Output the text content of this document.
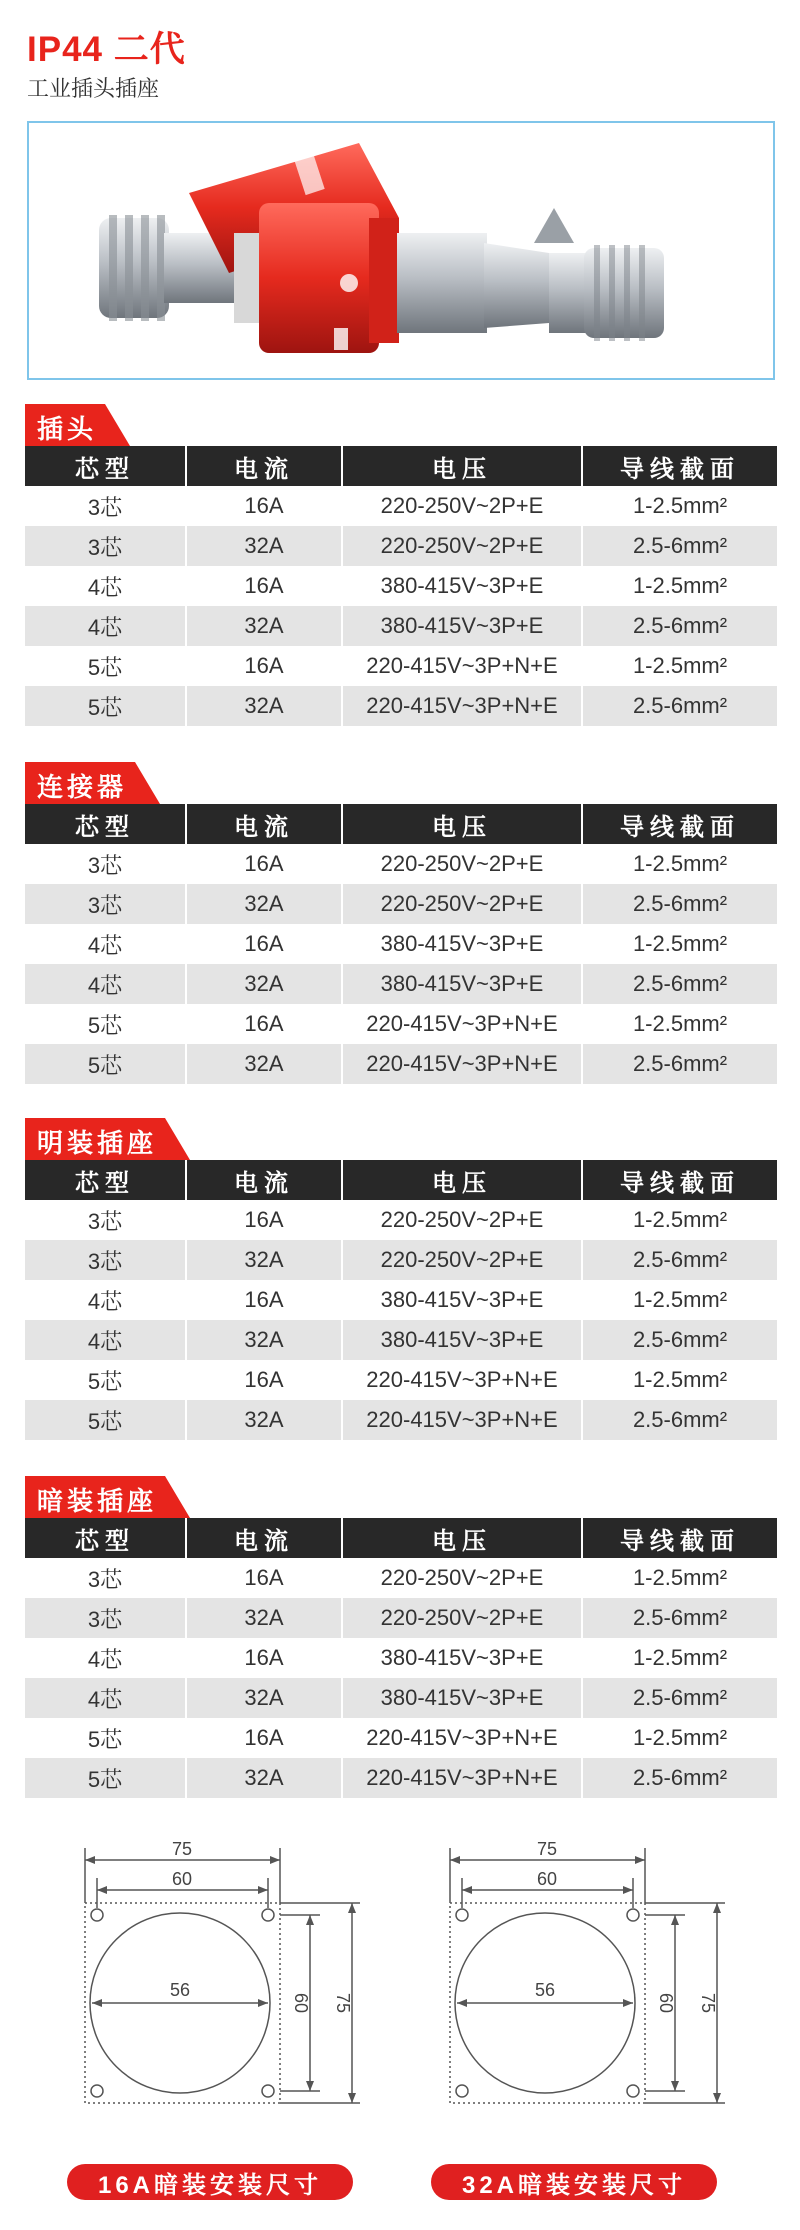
IP44 二代
工业插头插座
插头
芯型	电流	电压	导线截面
3芯	16A	220-250V~2P+E	1-2.5mm²
3芯	32A	220-250V~2P+E	2.5-6mm²
4芯	16A	380-415V~3P+E	1-2.5mm²
4芯	32A	380-415V~3P+E	2.5-6mm²
5芯	16A	220-415V~3P+N+E	1-2.5mm²
5芯	32A	220-415V~3P+N+E	2.5-6mm²
连接器
芯型	电流	电压	导线截面
3芯	16A	220-250V~2P+E	1-2.5mm²
3芯	32A	220-250V~2P+E	2.5-6mm²
4芯	16A	380-415V~3P+E	1-2.5mm²
4芯	32A	380-415V~3P+E	2.5-6mm²
5芯	16A	220-415V~3P+N+E	1-2.5mm²
5芯	32A	220-415V~3P+N+E	2.5-6mm²
明装插座
芯型	电流	电压	导线截面
3芯	16A	220-250V~2P+E	1-2.5mm²
3芯	32A	220-250V~2P+E	2.5-6mm²
4芯	16A	380-415V~3P+E	1-2.5mm²
4芯	32A	380-415V~3P+E	2.5-6mm²
5芯	16A	220-415V~3P+N+E	1-2.5mm²
5芯	32A	220-415V~3P+N+E	2.5-6mm²
暗装插座
芯型	电流	电压	导线截面
3芯	16A	220-250V~2P+E	1-2.5mm²
3芯	32A	220-250V~2P+E	2.5-6mm²
4芯	16A	380-415V~3P+E	1-2.5mm²
4芯	32A	380-415V~3P+E	2.5-6mm²
5芯	16A	220-415V~3P+N+E	1-2.5mm²
5芯	32A	220-415V~3P+N+E	2.5-6mm²
75
60
56
60 75
16A暗装安装尺寸
75
60
56
60 75
32A暗装安装尺寸
